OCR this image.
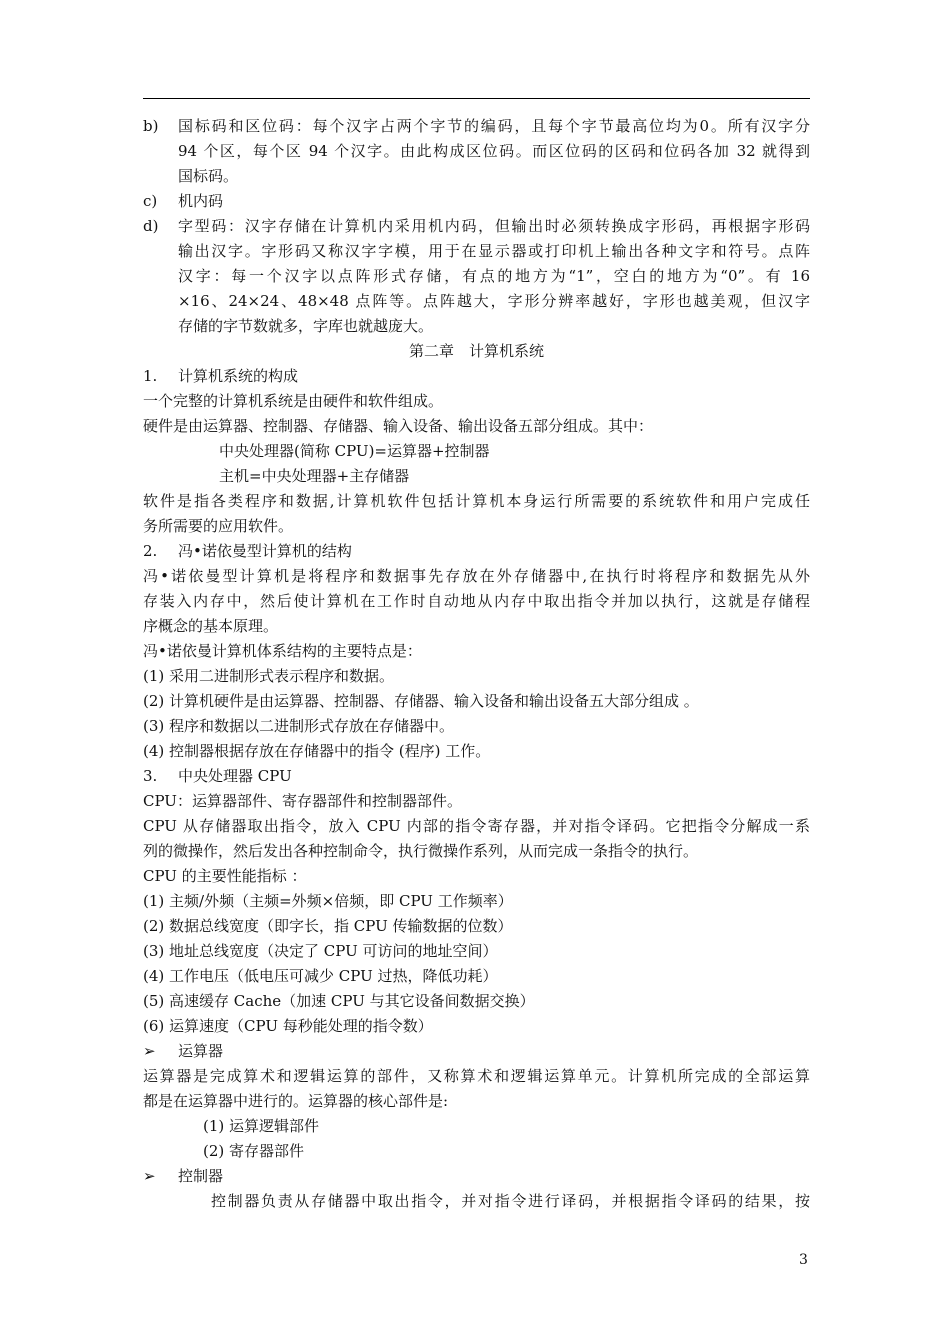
b)	国标码和区位码：每个汉字占两个字节的编码，且每个字节最高位均为0。所有汉字分
94 个区，每个区 94 个汉字。由此构成区位码。而区位码的区码和位码各加 32 就得到
国标码。
c)	机内码
d)	字型码：汉字存储在计算机内采用机内码，但输出时必须转换成字形码，再根据字形码
输出汉字。字形码又称汉字字模，用于在显示器或打印机上输出各种文字和符号。点阵
汉字：每一个汉字以点阵形式存储，有点的地方为“1”，空白的地方为“0”。有 16
×16、24×24、48×48 点阵等。点阵越大，字形分辨率越好，字形也越美观，但汉字
存储的字节数就多，字库也就越庞大。
第二章　计算机系统
1.	计算机系统的构成
一个完整的计算机系统是由硬件和软件组成。
硬件是由运算器、控制器、存储器、输入设备、输出设备五部分组成。其中：
中央处理器(简称 CPU)=运算器+控制器
主机=中央处理器+主存储器
软件是指各类程序和数据,计算机软件包括计算机本身运行所需要的系统软件和用户完成任
务所需要的应用软件。
2.	冯•诺依曼型计算机的结构
冯•诺依曼型计算机是将程序和数据事先存放在外存储器中,在执行时将程序和数据先从外
存装入内存中，然后使计算机在工作时自动地从内存中取出指令并加以执行，这就是存储程
序概念的基本原理。
冯•诺依曼计算机体系结构的主要特点是：
(1) 采用二进制形式表示程序和数据。
(2) 计算机硬件是由运算器、控制器、存储器、输入设备和输出设备五大部分组成 。
(3) 程序和数据以二进制形式存放在存储器中。
(4) 控制器根据存放在存储器中的指令 (程序) 工作。
3.	中央处理器 CPU
CPU：运算器部件、寄存器部件和控制器部件。
CPU 从存储器取出指令，放入 CPU 内部的指令寄存器，并对指令译码。它把指令分解成一系
列的微操作，然后发出各种控制命令，执行微操作系列，从而完成一条指令的执行。
CPU 的主要性能指标 ：
(1) 主频/外频（主频=外频×倍频，即 CPU 工作频率）
(2) 数据总线宽度（即字长，指 CPU 传输数据的位数）
(3) 地址总线宽度（决定了 CPU 可访问的地址空间）
(4) 工作电压（低电压可减少 CPU 过热，降低功耗）
(5) 高速缓存 Cache（加速 CPU 与其它设备间数据交换）
(6) 运算速度（CPU 每秒能处理的指令数）
➢	运算器
运算器是完成算术和逻辑运算的部件，又称算术和逻辑运算单元。计算机所完成的全部运算
都是在运算器中进行的。运算器的核心部件是:
(1) 运算逻辑部件
(2) 寄存器部件
➢	控制器
控制器负责从存储器中取出指令，并对指令进行译码，并根据指令译码的结果，按
3
